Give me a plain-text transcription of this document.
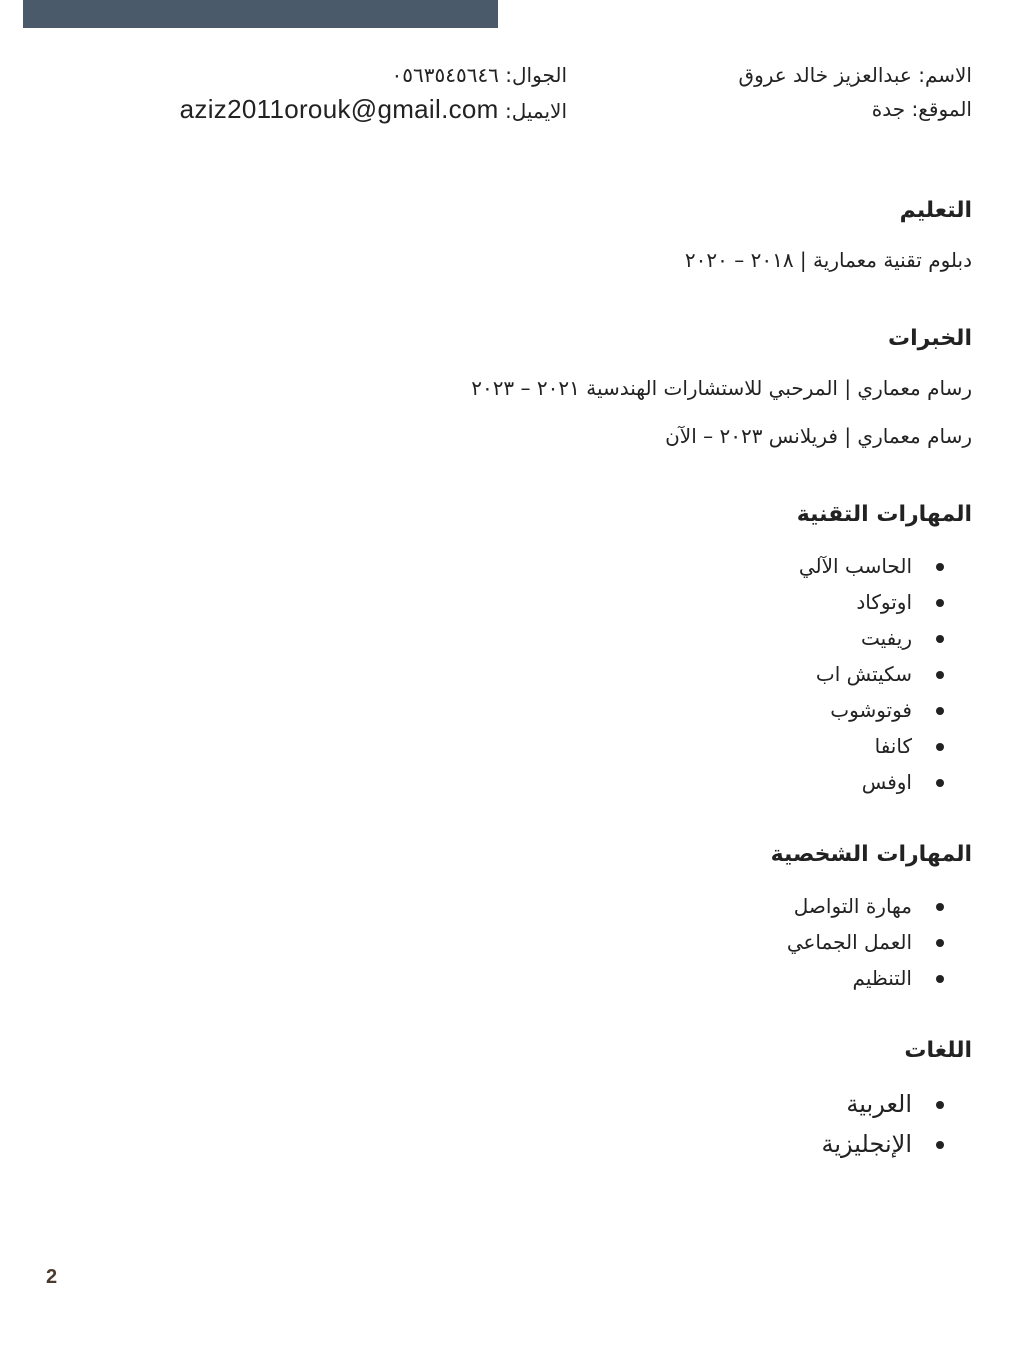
الاسم: عبدالعزيز خالد عروق
الموقع: جدة
الجوال: ٠٥٦٣٥٤٥٦٤٦
الايميل: aziz2011orouk@gmail.com
التعليم

دبلوم تقنية معمارية | ٢٠١٨ – ٢٠٢٠

الخبرات

رسام معماري | المرحبي للاستشارات الهندسية ٢٠٢١ – ٢٠٢٣

رسام معماري | فريلانس ٢٠٢٣ – الآن

المهارات التقنية
الحاسب الآلي
اوتوكاد
ريفيت
سكيتش اب
فوتوشوب
كانفا
اوفس
المهارات الشخصية
مهارة التواصل
العمل الجماعي
التنظيم
اللغات
العربية
الإنجليزية
2
